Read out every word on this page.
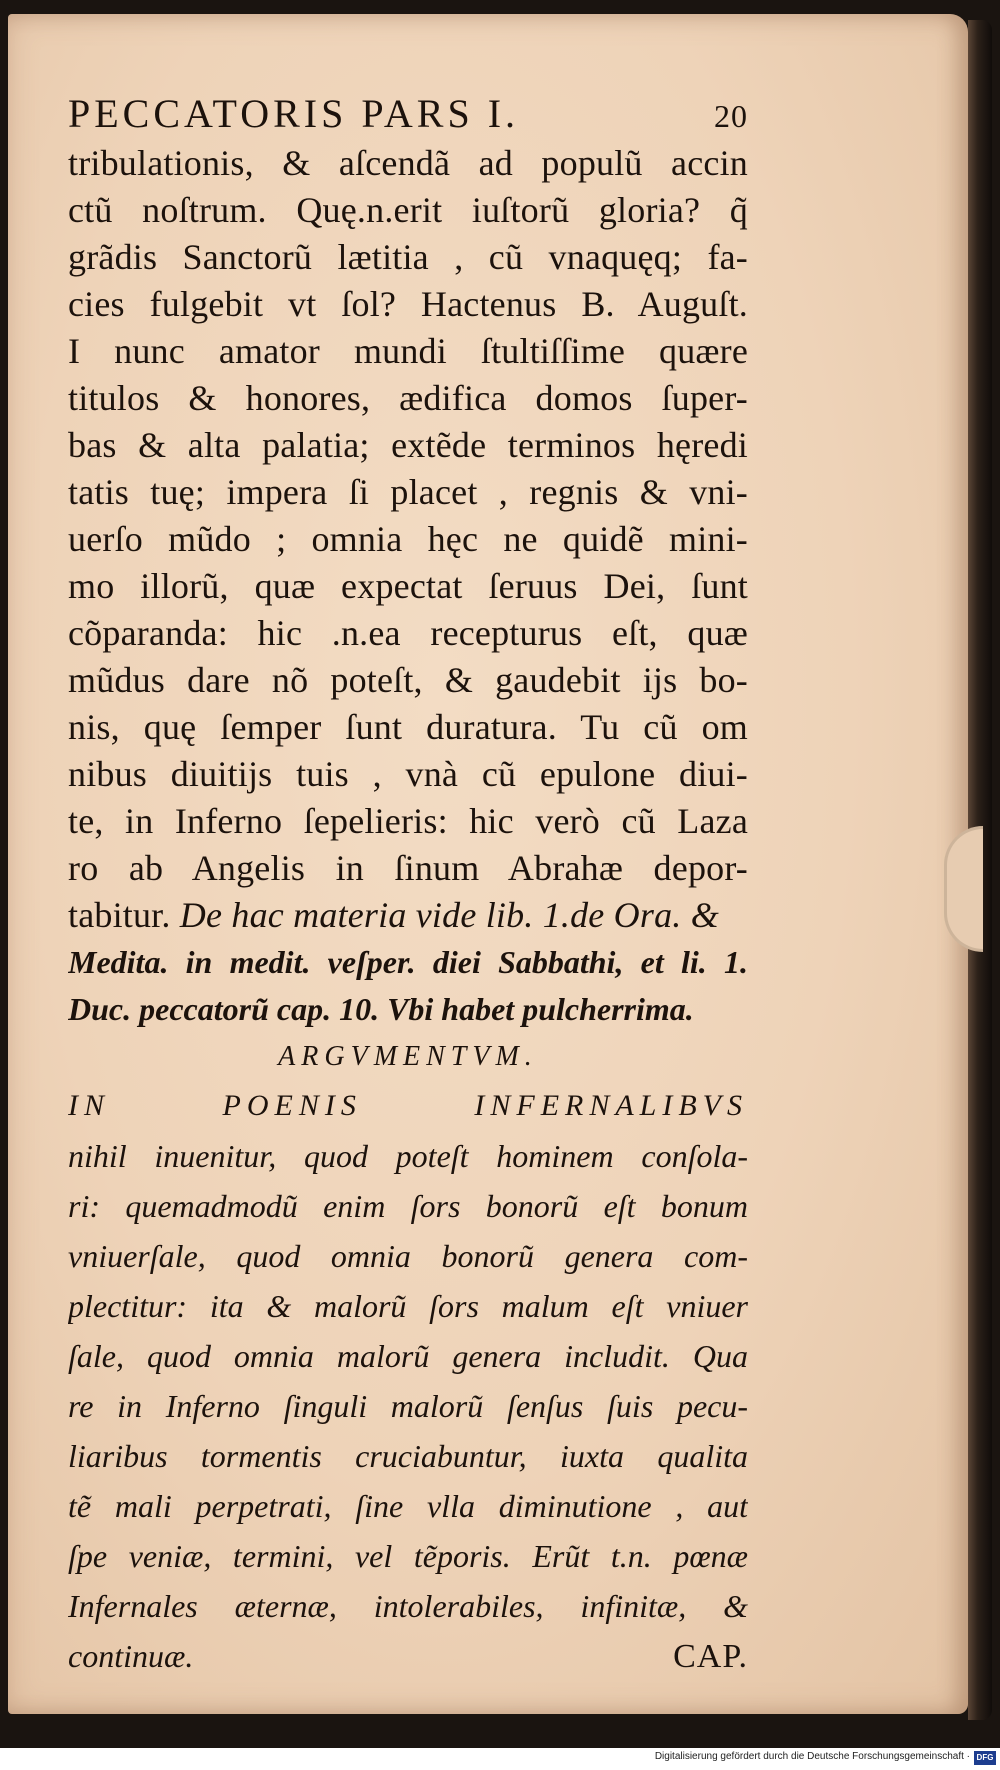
PECCATORIS PARS I.	20
tribulationis, & aſcendã ad populũ accin
ctũ noſtrum. Quę.n.erit iuſtorũ gloria? q̃
grãdis Sanctorũ lætitia , cũ vnaquęq; fa-
cies fulgebit vt ſol? Hactenus B. Auguſt.
I nunc amator mundi ſtultiſſime quære
titulos & honores, ædifica domos ſuper-
bas & alta palatia; extẽde terminos hęredi
tatis tuę; impera ſi placet , regnis & vni-
uerſo mũdo ; omnia hęc ne quidẽ mini-
mo illorũ, quæ expectat ſeruus Dei, ſunt
cõparanda: hic .n.ea recepturus eſt, quæ
mũdus dare nõ poteſt, & gaudebit ijs bo-
nis, quę ſemper ſunt duratura. Tu cũ om
nibus diuitijs tuis , vnà cũ epulone diui-
te, in Inferno ſepelieris: hic verò cũ Laza
ro ab Angelis in ſinum Abrahæ depor-
tabitur. De hac materia vide lib. 1.de Ora. &
Medita. in medit. veſper. diei Sabbathi, et li. 1.
Duc. peccatorũ cap. 10. Vbi habet pulcherrima.
ARGVMENTVM.
IN POENIS INFERNALIBVS
nihil inuenitur, quod poteſt hominem conſola-
ri: quemadmodũ enim ſors bonorũ eſt bonum
vniuerſale, quod omnia bonorũ genera com-
plectitur: ita & malorũ ſors malum eſt vniuer
ſale, quod omnia malorũ genera includit. Qua
re in Inferno ſinguli malorũ ſenſus ſuis pecu-
liaribus tormentis cruciabuntur, iuxta qualita
tẽ mali perpetrati, ſine vlla diminutione , aut
ſpe veniæ, termini, vel tẽporis. Erũt t.n. pœnæ
Infernales æternæ, intolerabiles, infinitæ, &
continuæ.	CAP.
Digitalisierung gefördert durch die Deutsche Forschungsgemeinschaft · DFG
